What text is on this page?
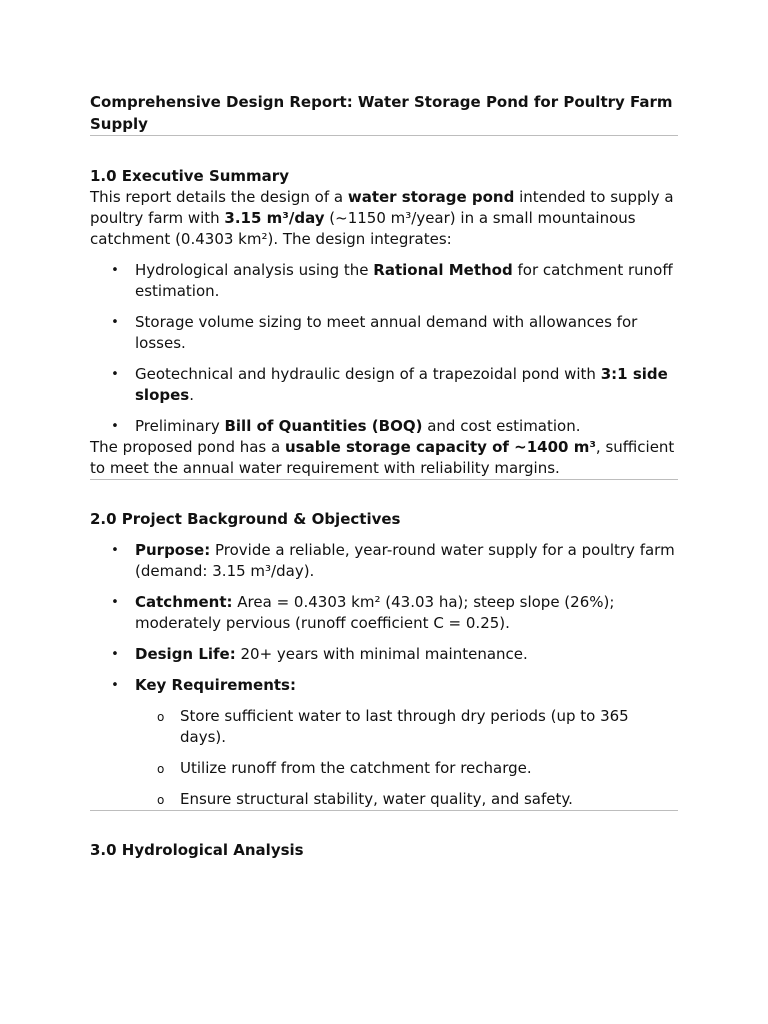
Comprehensive Design Report: Water Storage Pond for Poultry Farm Supply
1.0 Executive Summary

This report details the design of a water storage pond intended to supply a poultry farm with 3.15 m³/day (~1150 m³/year) in a small mountainous catchment (0.4303 km²). The design integrates:

• Hydrological analysis using the Rational Method for catchment runoff estimation.
• Storage volume sizing to meet annual demand with allowances for losses.
• Geotechnical and hydraulic design of a trapezoidal pond with 3:1 side slopes.
• Preliminary Bill of Quantities (BOQ) and cost estimation.

The proposed pond has a usable storage capacity of ~1400 m³, sufficient to meet the annual water requirement with reliability margins.

2.0 Project Background & Objectives
• Purpose: Provide a reliable, year-round water supply for a poultry farm (demand: 3.15 m³/day).
• Catchment: Area = 0.4303 km² (43.03 ha); steep slope (26%); moderately pervious (runoff coefficient C = 0.25).
• Design Life: 20+ years with minimal maintenance.
• Key Requirements:
o Store sufficient water to last through dry periods (up to 365 days).
o Utilize runoff from the catchment for recharge.
o Ensure structural stability, water quality, and safety.
3.0 Hydrological Analysis
